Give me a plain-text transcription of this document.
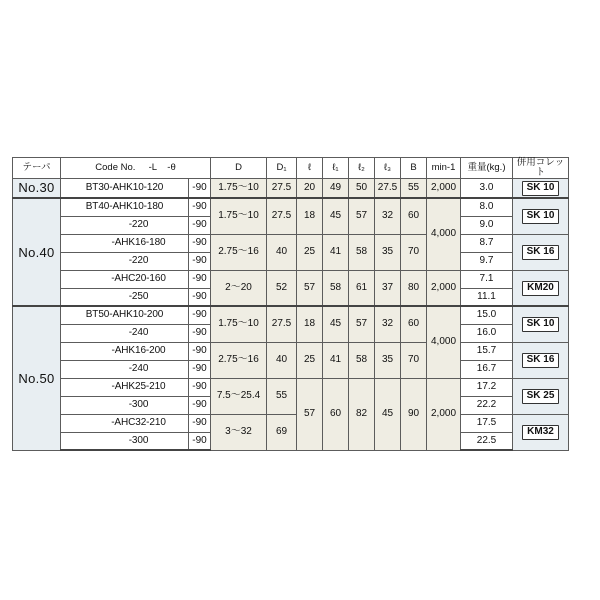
テーパ	Code No. -L -θ		D	D₁	ℓ	ℓ₁	ℓ₂	ℓ₃	B	min-1	重量(kg.)	併用コレット
No.30	BT30-AHK10-120	-90	1.75〜10	27.5	20	49	50	27.5	55	2,000	3.0	SK 10
No.40	BT40-AHK10-180	-90	1.75〜10	27.5	18	45	57	32	60	4,000	8.0	SK 10
	-220	-90									9.0	
	-AHK16-180	-90	2.75〜16	40	25	41	58	35	70		8.7	SK 16
	-220	-90									9.7	
	-AHC20-160	-90	2〜20	52	57	58	61	37	80	2,000	7.1	KM20
	-250	-90									11.1	
No.50	BT50-AHK10-200	-90	1.75〜10	27.5	18	45	57	32	60	4,000	15.0	SK 10
	-240	-90									16.0	
	-AHK16-200	-90	2.75〜16	40	25	41	58	35	70		15.7	SK 16
	-240	-90									16.7	
	-AHK25-210	-90	7.5〜25.4	55	57	60	82	45	90	2,000	17.2	SK 25
	-300	-90									22.2	
	-AHC32-210	-90	3〜32	69							17.5	KM32
	-300	-90									22.5	
